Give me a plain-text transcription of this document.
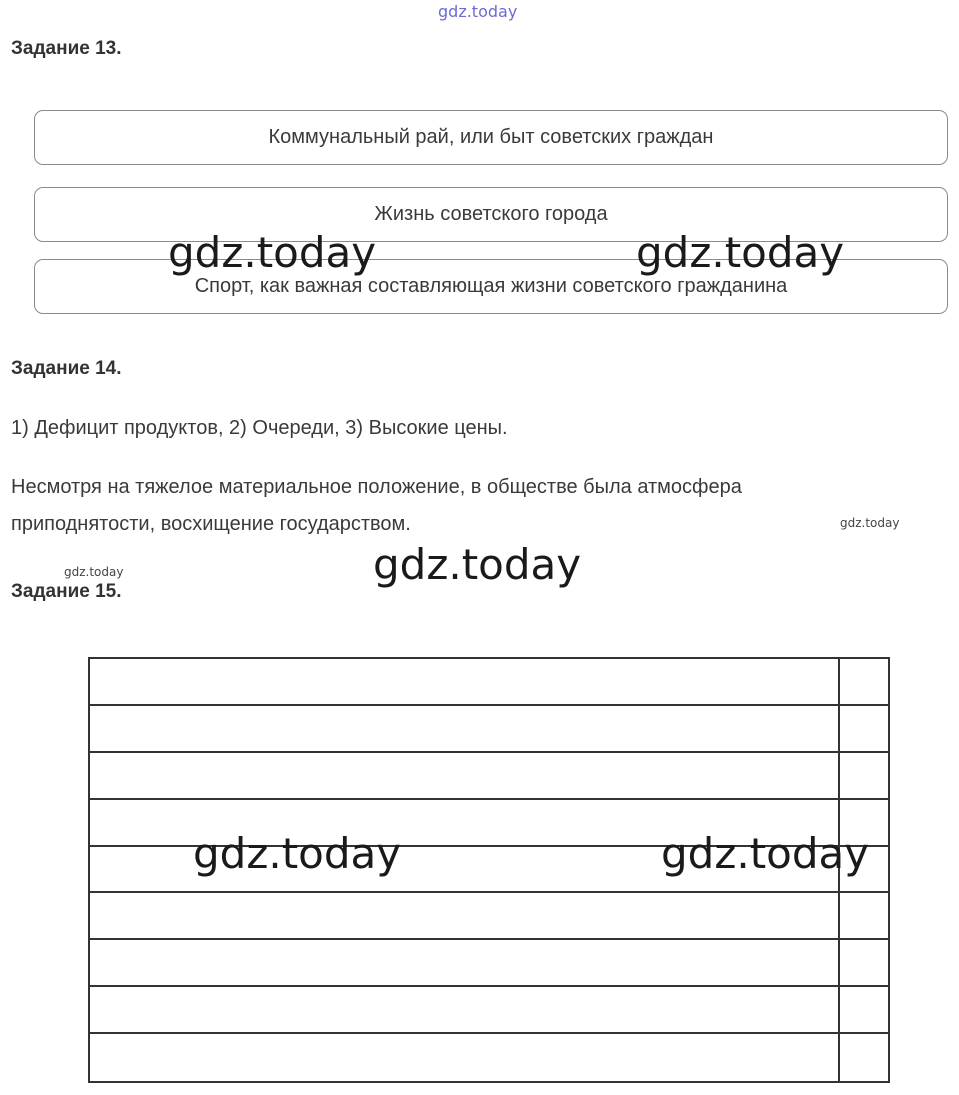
gdz.today
Задание 13.
Коммунальный рай, или быт советских граждан
Жизнь советского города
Спорт, как важная составляющая жизни советского гражданина
gdz.today	gdz.today
Задание 14.
1) Дефицит продуктов, 2) Очереди, 3) Высокие цены.
Несмотря на тяжелое материальное положение, в обществе была атмосфера
приподнятости, восхищение государством.	gdz.today
gdz.today
gdz.today
Задание 15.
gdz.today	gdz.today
